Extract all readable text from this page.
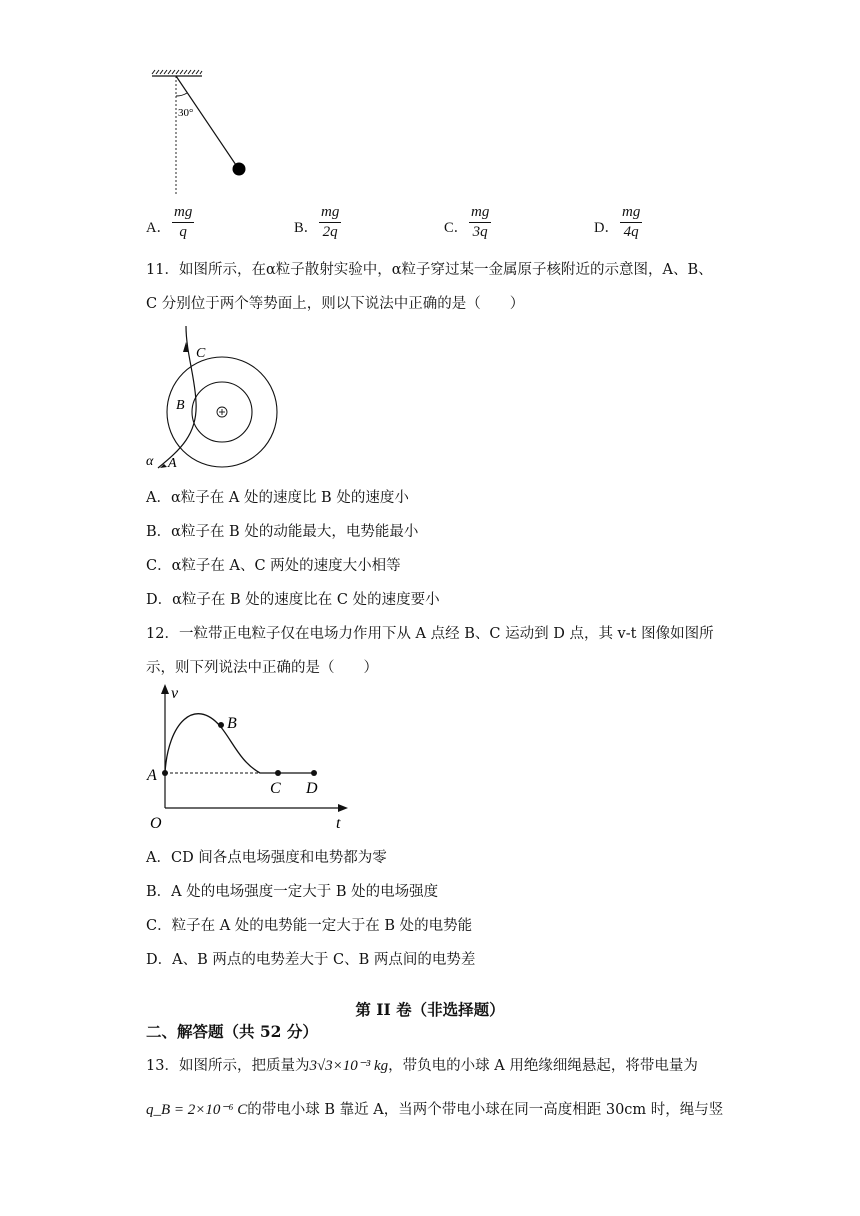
30°
A． $\frac{mg}{q}$	B． $\frac{mg}{2q}$	C． $\frac{mg}{3q}$	D． $\frac{mg}{4q}$
11．如图所示，在α粒子散射实验中，α粒子穿过某一金属原子核附近的示意图，A、B、
C 分别位于两个等势面上，则以下说法中正确的是（　　）
C
B
A
α
A．α粒子在 A 处的速度比 B 处的速度小
B．α粒子在 B 处的动能最大，电势能最小
C．α粒子在 A、C 两处的速度大小相等
D．α粒子在 B 处的速度比在 C 处的速度要小
12．一粒带正电粒子仅在电场力作用下从 A 点经 B、C 运动到 D 点，其 v-t 图像如图所
示，则下列说法中正确的是（　　）
v
t
O
A
B
C D
A．CD 间各点电场强度和电势都为零
B．A 处的电场强度一定大于 B 处的电场强度
C．粒子在 A 处的电势能一定大于在 B 处的电势能
D．A、B 两点的电势差大于 C、B 两点间的电势差
第 II 卷（非选择题）
二、解答题（共 52 分）
13．如图所示，把质量为3√3×10⁻³ kg，带负电的小球 A 用绝缘细绳悬起，将带电量为
q_B = 2×10⁻⁶ C的带电小球 B 靠近 A，当两个带电小球在同一高度相距 30cm 时，绳与竖
